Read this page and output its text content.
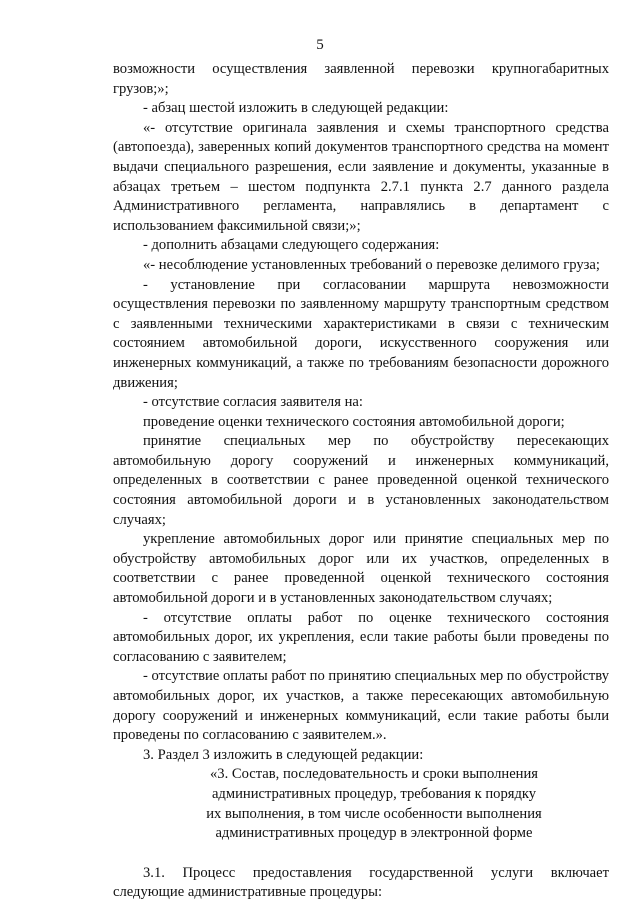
5

возможности осуществления заявленной перевозки крупногабаритных грузов;»;

- абзац шестой изложить в следующей редакции:

«- отсутствие оригинала заявления и схемы транспортного средства (автопоезда), заверенных копий документов транспортного средства на момент выдачи специального разрешения, если заявление и документы, указанные в абзацах третьем – шестом подпункта 2.7.1 пункта 2.7 данного раздела Административного регламента, направлялись в департамент с использованием факсимильной связи;»;

- дополнить абзацами следующего содержания:

«- несоблюдение установленных требований о перевозке делимого груза;

- установление при согласовании маршрута невозможности осуществления перевозки по заявленному маршруту транспортным средством с заявленными техническими характеристиками в связи с техническим состоянием автомобильной дороги, искусственного сооружения или инженерных коммуникаций, а также по требованиям безопасности дорожного движения;

- отсутствие согласия заявителя на:

проведение оценки технического состояния автомобильной дороги;

принятие специальных мер по обустройству пересекающих автомобильную дорогу сооружений и инженерных коммуникаций, определенных в соответствии с ранее проведенной оценкой технического состояния автомобильной дороги и в установленных законодательством случаях;

укрепление автомобильных дорог или принятие специальных мер по обустройству автомобильных дорог или их участков, определенных в соответствии с ранее проведенной оценкой технического состояния автомобильной дороги и в установленных законодательством случаях;

- отсутствие оплаты работ по оценке технического состояния автомобильных дорог, их укрепления, если такие работы были проведены по согласованию с заявителем;

- отсутствие оплаты работ по принятию специальных мер по обустройству автомобильных дорог, их участков, а также пересекающих автомобильную дорогу сооружений и инженерных коммуникаций, если такие работы были проведены по согласованию с заявителем.».

3. Раздел 3 изложить в следующей редакции:

«3. Состав, последовательность и сроки выполнения
административных процедур, требования к порядку
их выполнения, в том числе особенности выполнения
административных процедур в электронной форме

3.1. Процесс предоставления государственной услуги включает следующие административные процедуры:
